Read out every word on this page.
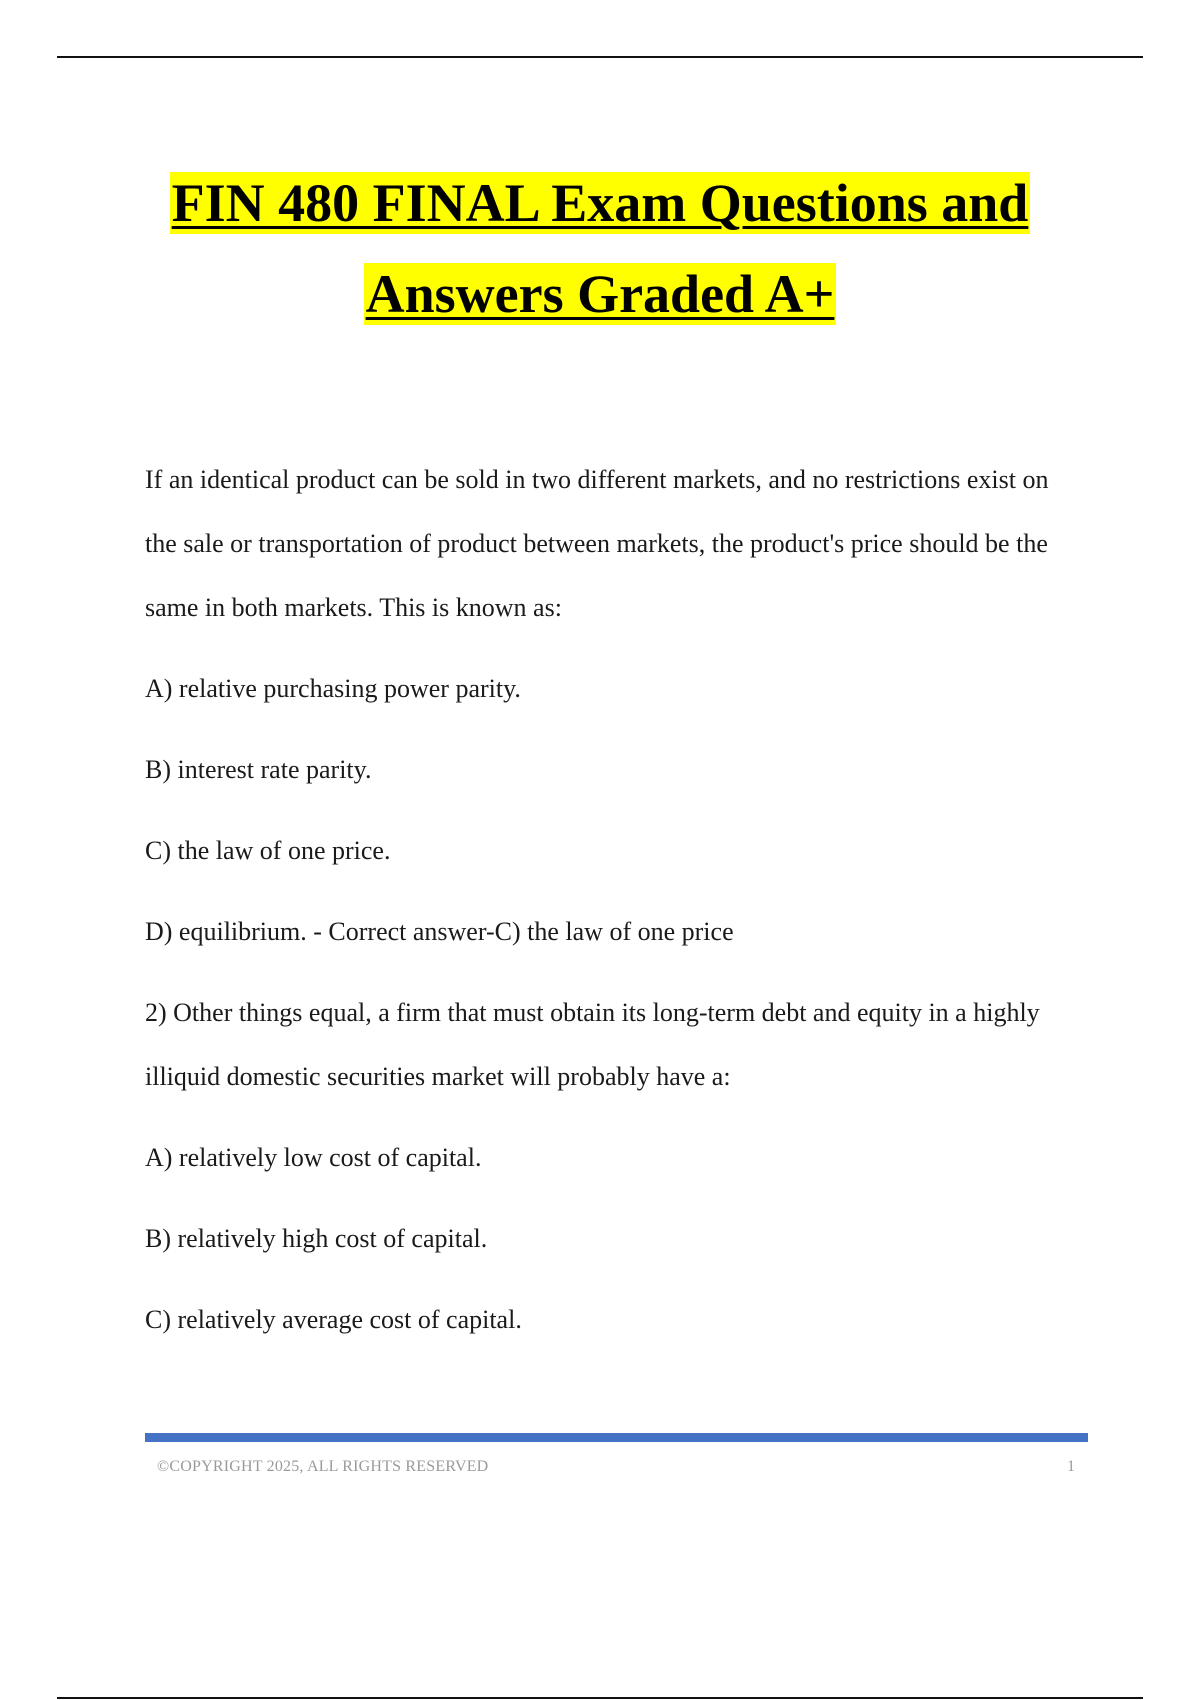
FIN 480 FINAL Exam Questions and
Answers Graded A+

If an identical product can be sold in two different markets, and no restrictions exist on the sale or transportation of product between markets, the product's price should be the same in both markets. This is known as:

A) relative purchasing power parity.

B) interest rate parity.

C) the law of one price.

D) equilibrium. - Correct answer-C) the law of one price

2) Other things equal, a firm that must obtain its long-term debt and equity in a highly illiquid domestic securities market will probably have a:

A) relatively low cost of capital.

B) relatively high cost of capital.

C) relatively average cost of capital.

©COPYRIGHT 2025, ALL RIGHTS RESERVED	1
